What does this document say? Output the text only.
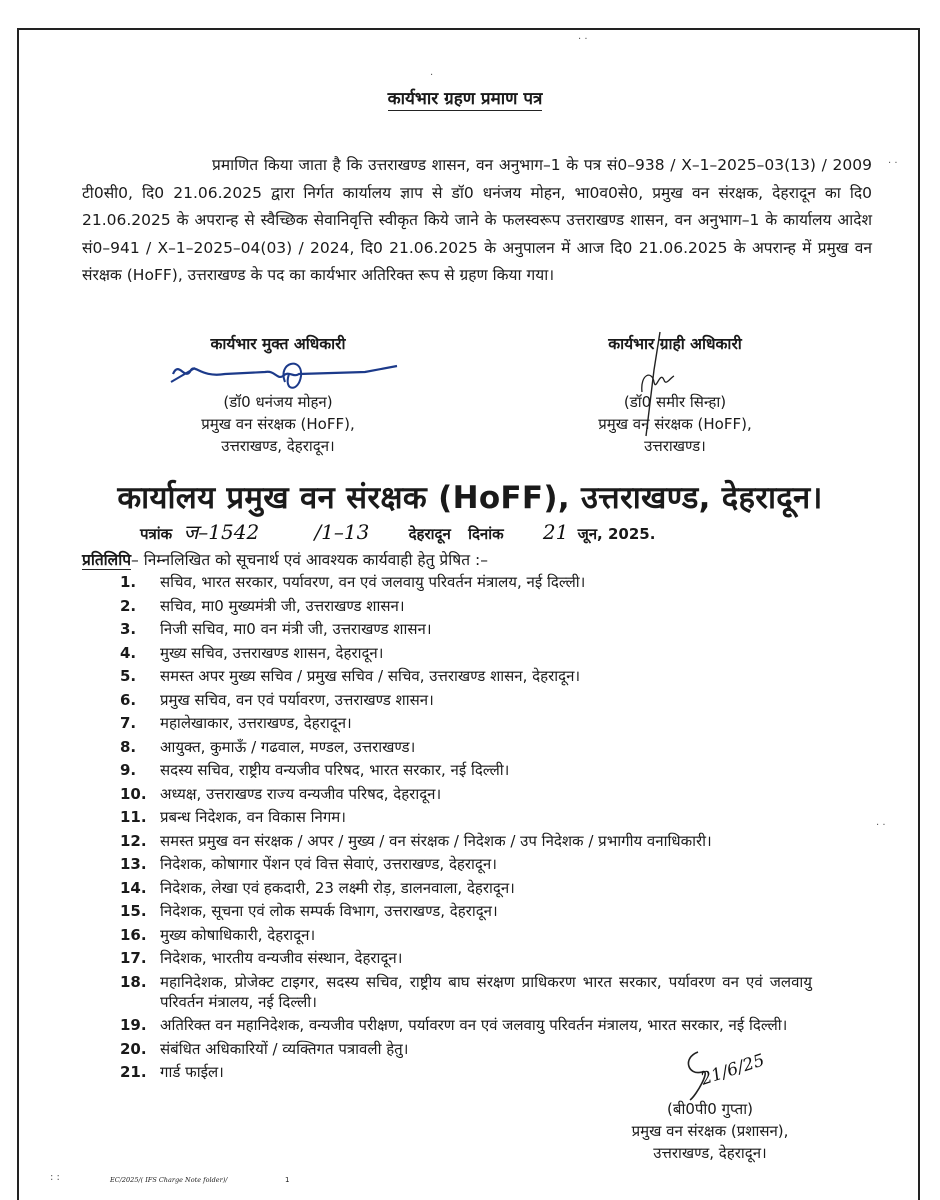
· ·
·
· ·
· ·
: :
कार्यभार ग्रहण प्रमाण पत्र
प्रमाणित किया जाता है कि उत्तराखण्ड शासन, वन अनुभाग–1 के पत्र सं0–938 / X–1–2025–03(13) / 2009 टी0सी0, दि0 21.06.2025 द्वारा निर्गत कार्यालय ज्ञाप से डॉ0 धनंजय मोहन, भा0व0से0, प्रमुख वन संरक्षक, देहरादून का दि0 21.06.2025 के अपरान्ह से स्वैच्छिक सेवानिवृत्ति स्वीकृत किये जाने के फलस्वरूप उत्तराखण्ड शासन, वन अनुभाग–1 के कार्यालय आदेश सं0–941 / X–1–2025–04(03) / 2024, दि0 21.06.2025 के अनुपालन में आज दि0 21.06.2025 के अपरान्ह में प्रमुख वन संरक्षक (HoFF), उत्तराखण्ड के पद का कार्यभार अतिरिक्त रूप से ग्रहण किया गया।
कार्यभार मुक्त अधिकारी
(डॉ0 धनंजय मोहन)
प्रमुख वन संरक्षक (HoFF),
उत्तराखण्ड, देहरादून।
कार्यभार ग्राही अधिकारी
(डॉ0 समीर सिन्हा)
प्रमुख वन संरक्षक (HoFF),
उत्तराखण्ड।
कार्यालय प्रमुख वन संरक्षक (HoFF), उत्तराखण्ड, देहरादून।
पत्रांक ज–1542	/1–13	देहरादून दिनांक 21 जून, 2025.
प्रतिलिपि– निम्नलिखित को सूचनार्थ एवं आवश्यक कार्यवाही हेतु प्रेषित :–
1. सचिव, भारत सरकार, पर्यावरण, वन एवं जलवायु परिवर्तन मंत्रालय, नई दिल्ली।
2. सचिव, मा0 मुख्यमंत्री जी, उत्तराखण्ड शासन।
3. निजी सचिव, मा0 वन मंत्री जी, उत्तराखण्ड शासन।
4. मुख्य सचिव, उत्तराखण्ड शासन, देहरादून।
5. समस्त अपर मुख्य सचिव / प्रमुख सचिव / सचिव, उत्तराखण्ड शासन, देहरादून।
6. प्रमुख सचिव, वन एवं पर्यावरण, उत्तराखण्ड शासन।
7. महालेखाकार, उत्तराखण्ड, देहरादून।
8. आयुक्त, कुमाऊँ / गढवाल, मण्डल, उत्तराखण्ड।
9. सदस्य सचिव, राष्ट्रीय वन्यजीव परिषद, भारत सरकार, नई दिल्ली।
10. अध्यक्ष, उत्तराखण्ड राज्य वन्यजीव परिषद, देहरादून।
11. प्रबन्ध निदेशक, वन विकास निगम।
12. समस्त प्रमुख वन संरक्षक / अपर / मुख्य / वन संरक्षक / निदेशक / उप निदेशक / प्रभागीय वनाधिकारी।
13. निदेशक, कोषागार पेंशन एवं वित्त सेवाएं, उत्तराखण्ड, देहरादून।
14. निदेशक, लेखा एवं हकदारी, 23 लक्ष्मी रोड़, डालनवाला, देहरादून।
15. निदेशक, सूचना एवं लोक सम्पर्क विभाग, उत्तराखण्ड, देहरादून।
16. मुख्य कोषाधिकारी, देहरादून।
17. निदेशक, भारतीय वन्यजीव संस्थान, देहरादून।
18. महानिदेशक, प्रोजेक्ट टाइगर, सदस्य सचिव, राष्ट्रीय बाघ संरक्षण प्राधिकरण भारत सरकार, पर्यावरण वन एवं जलवायु परिवर्तन मंत्रालय, नई दिल्ली।
19. अतिरिक्त वन महानिदेशक, वन्यजीव परीक्षण, पर्यावरण वन एवं जलवायु परिवर्तन मंत्रालय, भारत सरकार, नई दिल्ली।
20. संबंधित अधिकारियों / व्यक्तिगत पत्रावली हेतु।
21. गार्ड फाईल।	21/6/25
(बी0पी0 गुप्ता)
प्रमुख वन संरक्षक (प्रशासन),
उत्तराखण्ड, देहरादून।
EC/2025/( IFS Charge Note folder)/	1
